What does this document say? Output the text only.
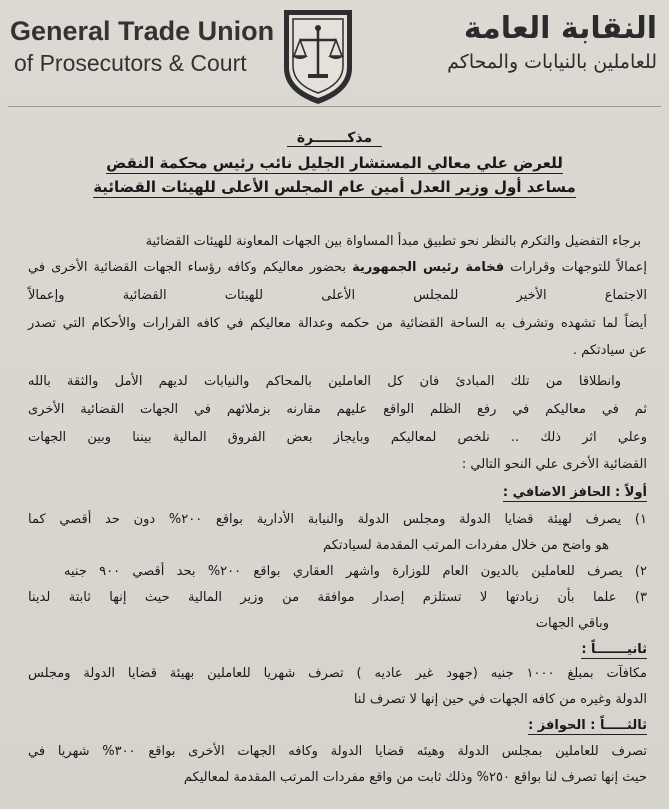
General Trade Union
of Prosecutors & Court
النقابة العامة
للعاملين بالنيابات والمحاكم
مذكـــــــرة
للعرض علي معالي المستشار الجليل نائب رئيس محكمة النقض
مساعد أول وزير العدل أمين عام المجلس الأعلى للهيئات القضائية
برجاء التفضيل والتكرم بالنظر نحو تطبيق مبدأ المساواة بين الجهات المعاونة للهيئات القضائية
إعمالاً للتوجهات وقرارات فخامة رئيس الجمهورية بحضور معاليكم وكافه رؤساء الجهات القضائية الأخرى في
الاجتماع الأخير للمجلس الأعلى للهيئات القضائية وإعمالاً
أيضاً لما تشهده وتشرف به الساحة القضائية من حكمه وعدالة معاليكم في كافه القرارات والأحكام التي تصدر
عن سيادتكم .
وانطلاقا من تلك المبادئ فان كل العاملين بالمحاكم والنيابات لديهم الأمل والثقة بالله
ثم في معاليكم في رفع الظلم الواقع عليهم مقارنه بزملائهم في الجهات القضائية الأخرى
وعلي اثر ذلك .. نلخص لمعاليكم وبايجاز بعض الفروق المالية بيننا وبين الجهات
القضائية الأخرى علي النحو التالي :
أولاً : الحافز الاضافي :
١) يصرف لهيئة قضايا الدولة ومجلس الدولة والنيابة الأدارية بواقع ٢٠٠% دون حد أقصي كما
هو واضح من خلال مفردات المرتب المقدمة لسيادتكم
٢) يصرف للعاملين بالديون العام للوزارة واشهر العقاري بواقع ٢٠٠% بحد أقصي ٩٠٠ جنيه
٣) علما بأن زيادتها لا تستلزم إصدار موافقة من وزير المالية حيث إنها ثابتة لدينا
وباقي الجهات
ثانيـــــــاً :
مكافآت بمبلغ ١٠٠٠ جنيه (جهود غير عاديه ) تصرف شهريا للعاملين بهيئة قضايا الدولة ومجلس
الدولة وغيره من كافه الجهات في حين إنها لا تصرف لنا
ثالثـــــاً : الحوافز :
تصرف للعاملين بمجلس الدولة وهيئه قضايا الدولة وكافه الجهات الأخرى بواقع ٣٠٠% شهريا في
حيث إنها تصرف لنا بواقع ٢٥٠% وذلك ثابت من واقع مفردات المرتب المقدمة لمعاليكم
